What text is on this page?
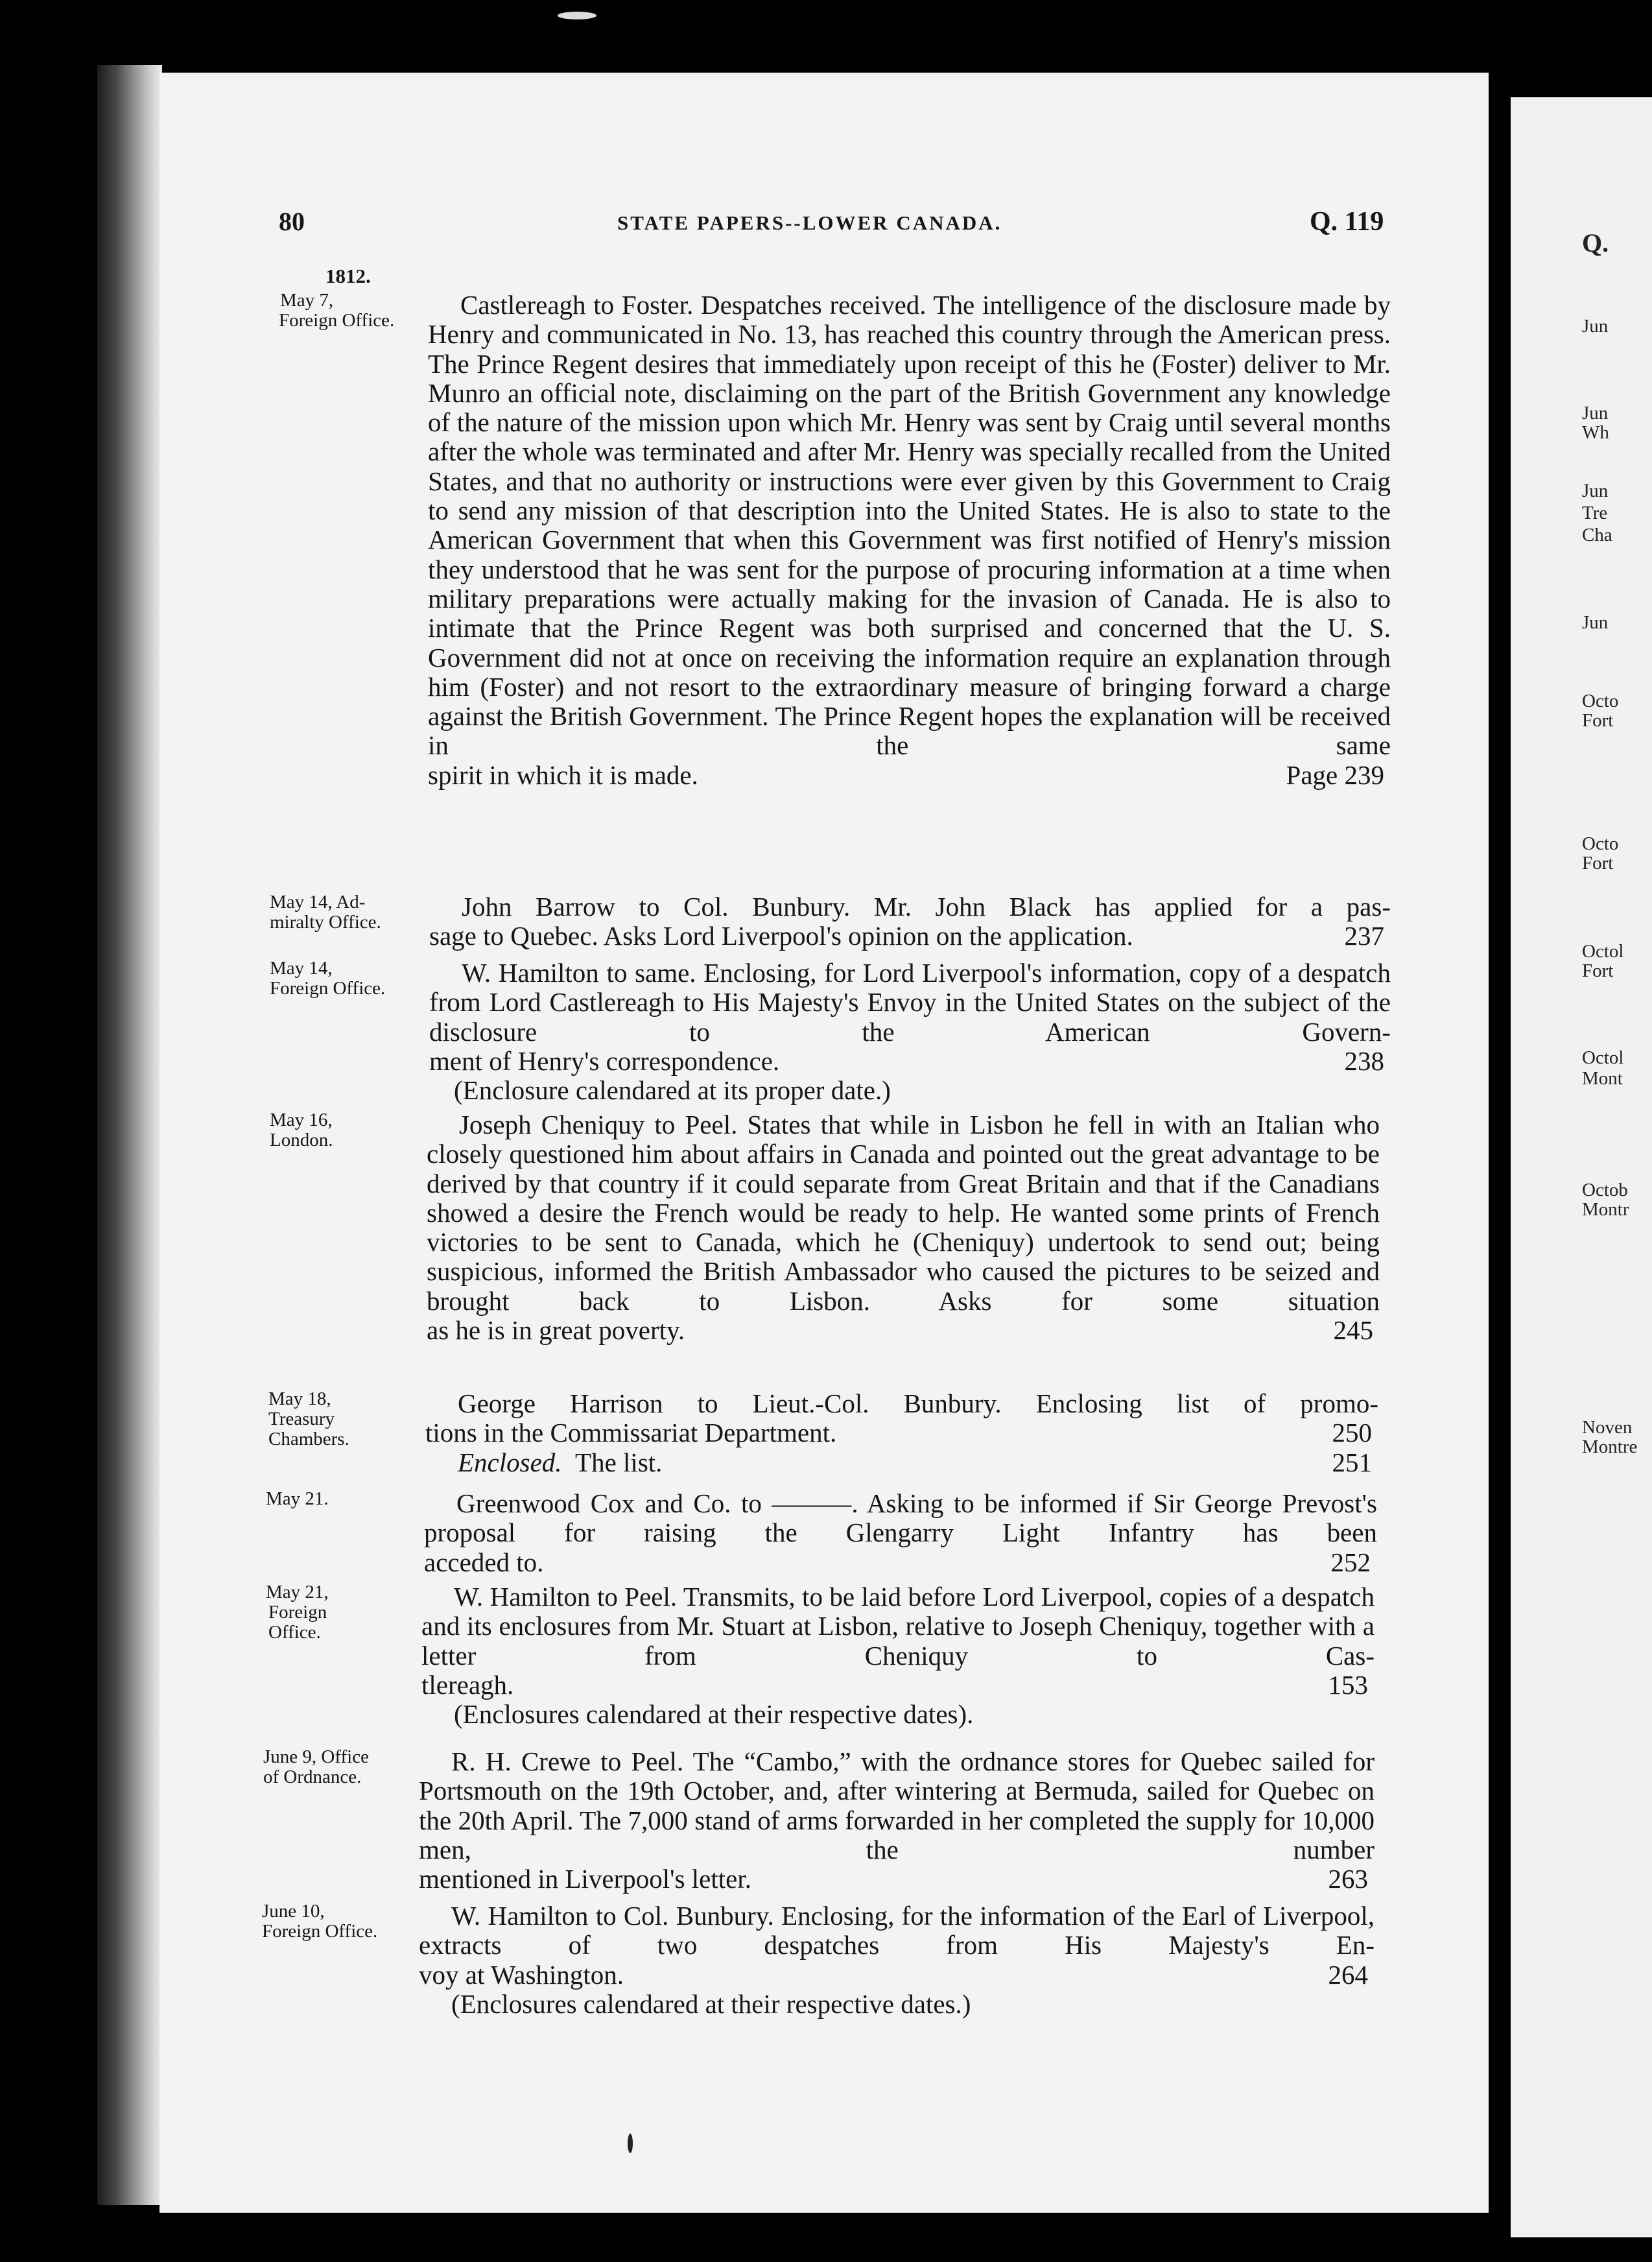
80	STATE PAPERS--LOWER CANADA.	Q. 119
1812.
May 7,
Foreign Office.

Castlereagh to Foster. Despatches received. The intelligence of the disclosure made by Henry and communicated in No. 13, has reached this country through the American press. The Prince Regent desires that immediately upon receipt of this he (Foster) deliver to Mr. Munro an official note, disclaiming on the part of the British Government any knowledge of the nature of the mission upon which Mr. Henry was sent by Craig until several months after the whole was terminated and after Mr. Henry was specially recalled from the United States, and that no authority or instructions were ever given by this Government to Craig to send any mission of that description into the United States. He is also to state to the American Government that when this Government was first notified of Henry's mission they understood that he was sent for the purpose of procuring information at a time when military preparations were actually making for the invasion of Canada. He is also to intimate that the Prince Regent was both surprised and concerned that the U. S. Government did not at once on receiving the information require an explanation through him (Foster) and not resort to the extraordinary measure of bringing forward a charge against the British Government. The Prince Regent hopes the explanation will be received in the same

spirit in which it is made.	Page 239

May 14, Ad-
miralty Office.

John Barrow to Col. Bunbury. Mr. John Black has applied for a pas-

sage to Quebec. Asks Lord Liverpool's opinion on the application.	237

May 14,
Foreign Office.

W. Hamilton to same. Enclosing, for Lord Liverpool's information, copy of a despatch from Lord Castlereagh to His Majesty's Envoy in the United States on the subject of the disclosure to the American Govern-

ment of Henry's correspondence.	238

(Enclosure calendared at its proper date.)
May 16,
London.

Joseph Cheniquy to Peel. States that while in Lisbon he fell in with an Italian who closely questioned him about affairs in Canada and pointed out the great advantage to be derived by that country if it could separate from Great Britain and that if the Canadians showed a desire the French would be ready to help. He wanted some prints of French victories to be sent to Canada, which he (Cheniquy) undertook to send out; being suspicious, informed the British Ambassador who caused the pictures to be seized and brought back to Lisbon. Asks for some situation

as he is in great poverty.	245

May 18,
Treasury Chambers.

George Harrison to Lieut.-Col. Bunbury. Enclosing list of promo-

tions in the Commissariat Department.	250

Enclosed. The list.	251
May 21.	Greenwood Cox and Co. to ———. Asking to be informed if Sir George Prevost's proposal for raising the Glengarry Light Infantry has been

acceded to.	252

May 21,
Foreign Office.

W. Hamilton to Peel. Transmits, to be laid before Lord Liverpool, copies of a despatch and its enclosures from Mr. Stuart at Lisbon, relative to Joseph Cheniquy, together with a letter from Cheniquy to Cas-

tlereagh.	153

(Enclosures calendared at their respective dates).
June 9, Office
of Ordnance.

R. H. Crewe to Peel. The “Cambo,” with the ordnance stores for Quebec sailed for Portsmouth on the 19th October, and, after wintering at Bermuda, sailed for Quebec on the 20th April. The 7,000 stand of arms forwarded in her completed the supply for 10,000 men, the number

mentioned in Liverpool's letter.	263

June 10,
Foreign Office.

W. Hamilton to Col. Bunbury. Enclosing, for the information of the Earl of Liverpool, extracts of two despatches from His Majesty's En-

voy at Washington.	264

(Enclosures calendared at their respective dates.)
Q.
Jun
Jun
Wh
Jun
Tre
Cha
Jun
Octo
Fort
Octo
Fort
Octol
Fort
Octol
Mont
Octob
Montr
Noven
Montre
